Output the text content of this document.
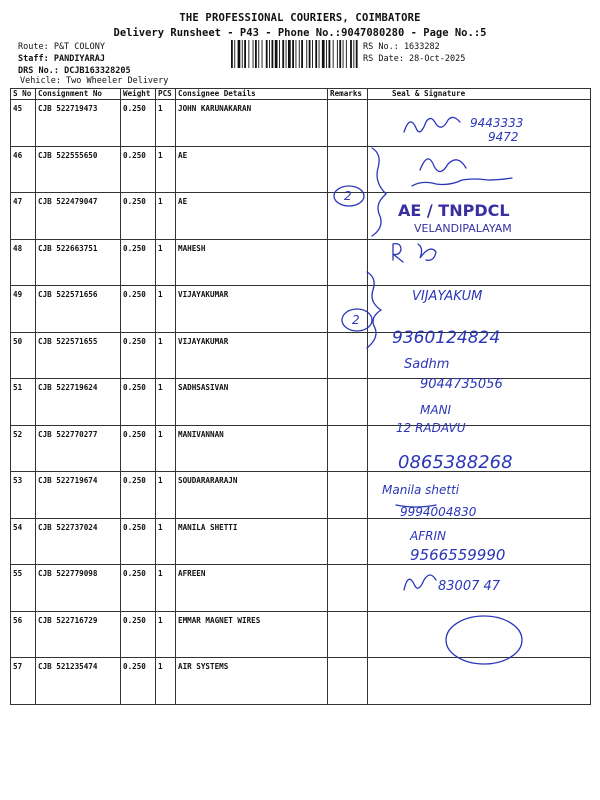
THE PROFESSIONAL COURIERS, COIMBATORE
Delivery Runsheet - P43 - Phone No.:9047080280 - Page No.:5
Route: P&T COLONY
Staff: PANDIYARAJ
DRS No.: DCJB163328205
Vehicle: Two Wheeler Delivery
RS No.: 1633282
RS Date: 28-Oct-2025
S No	Consignment No	Weight	PCS	Consignee Details	Remarks	Seal & Signature
45	CJB 522719473	0.250	1	JOHN KARUNAKARAN		
46	CJB 522555650	0.250	1	AE		
47	CJB 522479047	0.250	1	AE		
48	CJB 522663751	0.250	1	MAHESH		
49	CJB 522571656	0.250	1	VIJAYAKUMAR		
50	CJB 522571655	0.250	1	VIJAYAKUMAR		
51	CJB 522719624	0.250	1	SADHSASIVAN		
52	CJB 522770277	0.250	1	MANIVANNAN		
53	CJB 522719674	0.250	1	SOUDARARARAJN		
54	CJB 522737024	0.250	1	MANILA SHETTI		
55	CJB 522779098	0.250	1	AFREEN		
56	CJB 522716729	0.250	1	EMMAR MAGNET WIRES		
57	CJB 521235474	0.250	1	AIR SYSTEMS		
9443333
9472
2
2
VIJAYAKUM
9360124824
Sadhm
9044735056
MANI
12 RADAVU
0865388268
Manila shetti
9994004830
AFRIN
9566559990
83007 47
AE / TNPDCL
VELANDIPALAYAM
